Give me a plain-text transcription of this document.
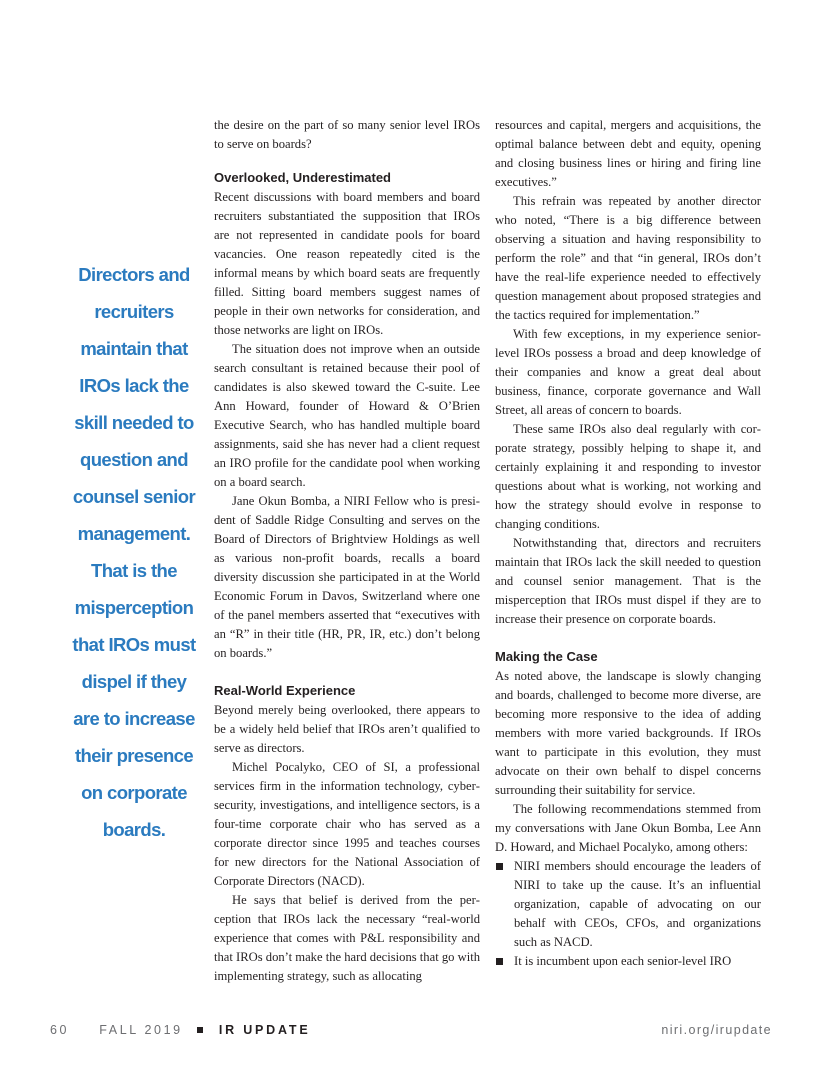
Directors and
recruiters
maintain that
IROs lack the
skill needed to
question and
counsel senior
management.
That is the
misperception
that IROs must
dispel if they
are to increase
their presence
on corporate
boards.

the desire on the part of so many senior level IROs to serve on boards?

Overlooked, Underestimated

Recent discussions with board members and board recruiters substantiated the supposition that IROs are not represented in candidate pools for board vacancies. One reason repeatedly cited is the informal means by which board seats are frequently filled. Sitting board members suggest names of people in their own networks for consideration, and those networks are light on IROs.

The situation does not improve when an outside search consultant is retained because their pool of candidates is also skewed toward the C-suite. Lee Ann Howard, founder of Howard & O’Brien Executive Search, who has handled multiple board assignments, said she has never had a client request an IRO profile for the candidate pool when working on a board search.

Jane Okun Bomba, a NIRI Fellow who is president of Saddle Ridge Consulting and serves on the Board of Directors of Brightview Holdings as well as various non-profit boards, recalls a board diversity discussion she participated in at the World Economic Forum in Davos, Switzerland where one of the panel members asserted that “executives with an “R” in their title (HR, PR, IR, etc.) don’t belong on boards.”

Real-World Experience

Beyond merely being overlooked, there appears to be a widely held belief that IROs aren’t qualified to serve as directors.

Michel Pocalyko, CEO of SI, a professional services firm in the information technology, cybersecurity, investigations, and intelligence sectors, is a four-time corporate chair who has served as a corporate director since 1995 and teaches courses for new directors for the National Association of Corporate Directors (NACD).

He says that belief is derived from the perception that IROs lack the necessary “real-world experience that comes with P&L responsibility and that IROs don’t make the hard decisions that go with implementing strategy, such as allocating

resources and capital, mergers and acquisitions, the optimal balance between debt and equity, opening and closing business lines or hiring and firing line executives.”

This refrain was repeated by another director who noted, “There is a big difference between observing a situation and having responsibility to perform the role” and that “in general, IROs don’t have the real-life experience needed to effectively question management about proposed strategies and the tactics required for implementation.”

With few exceptions, in my experience senior-level IROs possess a broad and deep knowledge of their companies and know a great deal about business, finance, corporate governance and Wall Street, all areas of concern to boards.

These same IROs also deal regularly with corporate strategy, possibly helping to shape it, and certainly explaining it and responding to investor questions about what is working, not working and how the strategy should evolve in response to changing conditions.

Notwithstanding that, directors and recruiters maintain that IROs lack the skill needed to question and counsel senior management. That is the misperception that IROs must dispel if they are to increase their presence on corporate boards.

Making the Case

As noted above, the landscape is slowly changing and boards, challenged to become more diverse, are becoming more responsive to the idea of adding members with more varied backgrounds. If IROs want to participate in this evolution, they must advocate on their own behalf to dispel concerns surrounding their suitability for service.

The following recommendations stemmed from my conversations with Jane Okun Bomba, Lee Ann D. Howard, and Michael Pocalyko, among others:

NIRI members should encourage the leaders of NIRI to take up the cause. It’s an influential organization, capable of advocating on our behalf with CEOs, CFOs, and organizations such as NACD.
It is incumbent upon each senior-level IRO
60 FALL 2019	IR UPDATE	niri.org/irupdate
